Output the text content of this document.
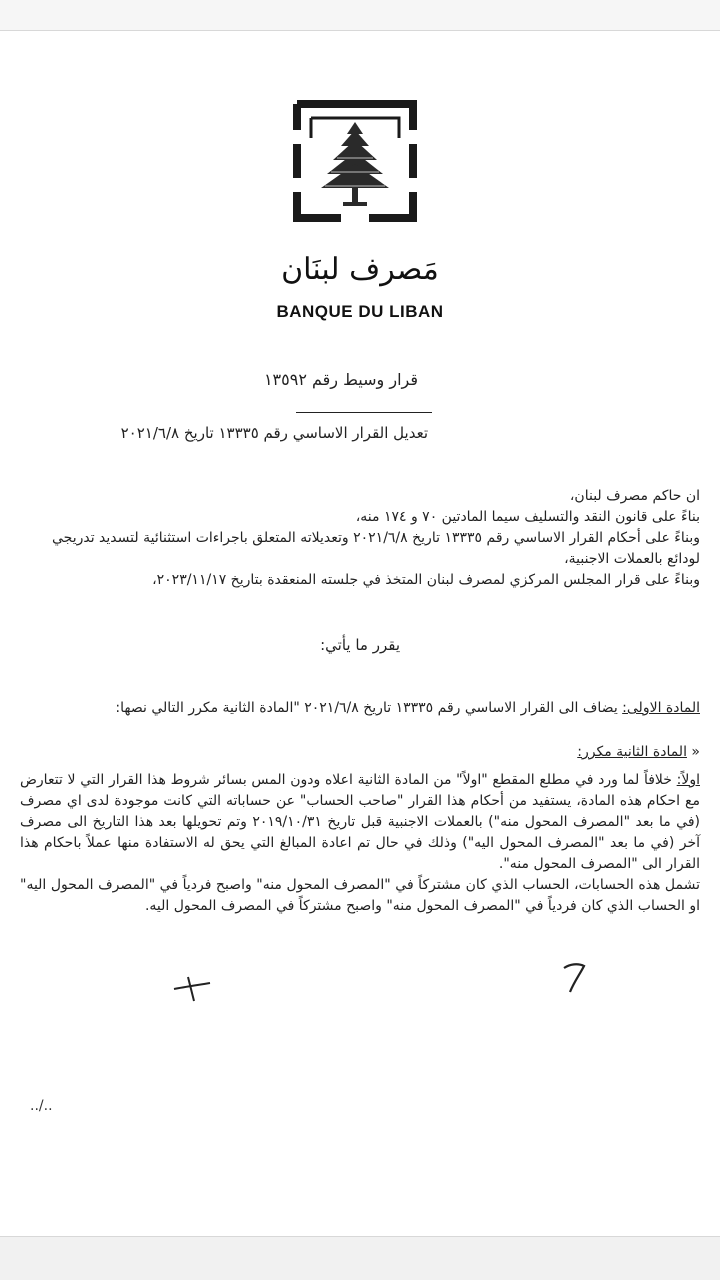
مَصرف لبنَان
BANQUE DU LIBAN
قرار وسيط رقم ١٣٥٩٢
تعديل القرار الاساسي رقم ١٣٣٣٥ تاريخ ٢٠٢١/٦/٨
ان حاكم مصرف لبنان،
بناءً على قانون النقد والتسليف سيما المادتين ٧٠ و ١٧٤ منه،
وبناءً على أحكام القرار الاساسي رقم ١٣٣٣٥ تاريخ ٢٠٢١/٦/٨ وتعديلاته المتعلق باجراءات استثنائية لتسديد تدريجي لودائع بالعملات الاجنبية،
وبناءً على قرار المجلس المركزي لمصرف لبنان المتخذ في جلسته المنعقدة بتاريخ ٢٠٢٣/١١/١٧،
يقرر ما يأتي:
المادة الاولى: يضاف الى القرار الاساسي رقم ١٣٣٣٥ تاريخ ٢٠٢١/٦/٨ "المادة الثانية مكرر التالي نصها:
« المادة الثانية مكرر:
اولاً: خلافاً لما ورد في مطلع المقطع "اولاً" من المادة الثانية اعلاه ودون المس بسائر شروط هذا القرار التي لا تتعارض مع احكام هذه المادة، يستفيد من أحكام هذا القرار "صاحب الحساب" عن حساباته التي كانت موجودة لدى اي مصرف (في ما بعد "المصرف المحول منه") بالعملات الاجنبية قبل تاريخ ٢٠١٩/١٠/٣١ وتم تحويلها بعد هذا التاريخ الى مصرف آخر (في ما بعد "المصرف المحول اليه") وذلك في حال تم اعادة المبالغ التي يحق له الاستفادة منها عملاً باحكام هذا القرار الى "المصرف المحول منه".
تشمل هذه الحسابات، الحساب الذي كان مشتركاً في "المصرف المحول منه" واصبح فردياً في "المصرف المحول اليه" او الحساب الذي كان فردياً في "المصرف المحول منه" واصبح مشتركاً في المصرف المحول اليه.
../..
